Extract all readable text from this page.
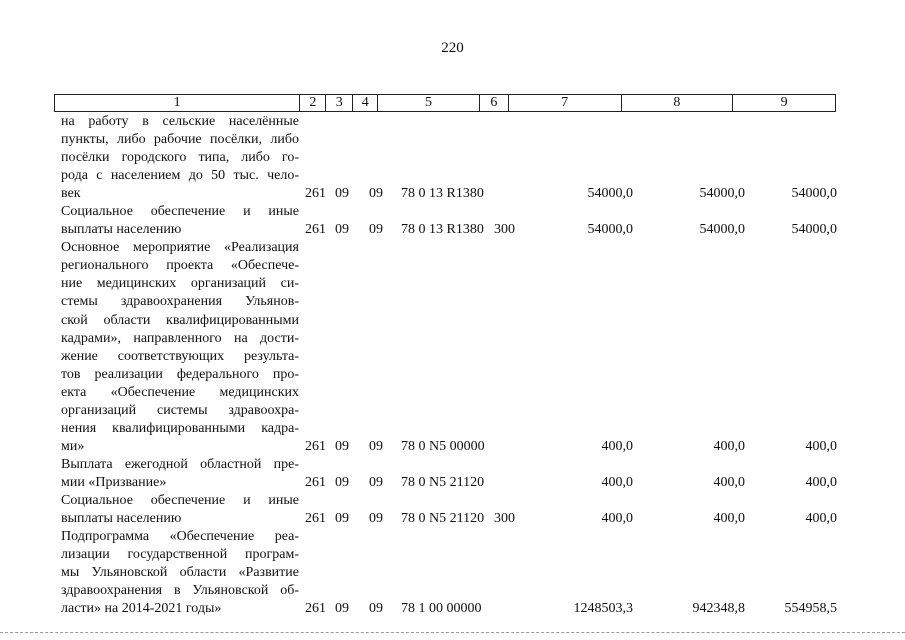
220
1	2	3	4	5	6	7	8	9
на работу в сельские населённые
пункты, либо рабочие посёлки, либо
посёлки городского типа, либо го-
рода с населением до 50 тыс. чело-
век	261 09 09 78 0 13 R1380	54000,0	54000,0	54000,0
Социальное обеспечение и иные
выплаты населению	261 09 09 78 0 13 R1380 300	54000,0	54000,0	54000,0
Основное мероприятие «Реализация
регионального проекта «Обеспече-
ние медицинских организаций си-
стемы здравоохранения Ульянов-
ской области квалифицированными
кадрами», направленного на дости-
жение соответствующих результа-
тов реализации федерального про-
екта «Обеспечение медицинских
организаций системы здравоохра-
нения квалифицированными кадра-
ми»	261 09 09 78 0 N5 00000	400,0	400,0	400,0
Выплата ежегодной областной пре-
мии «Призвание»	261 09 09 78 0 N5 21120	400,0	400,0	400,0
Социальное обеспечение и иные
выплаты населению	261 09 09 78 0 N5 21120 300	400,0	400,0	400,0
Подпрограмма «Обеспечение реа-
лизации государственной програм-
мы Ульяновской области «Развитие
здравоохранения в Ульяновской об-
ласти» на 2014-2021 годы»	261 09 09 78 1 00 00000	1248503,3	942348,8	554958,5
